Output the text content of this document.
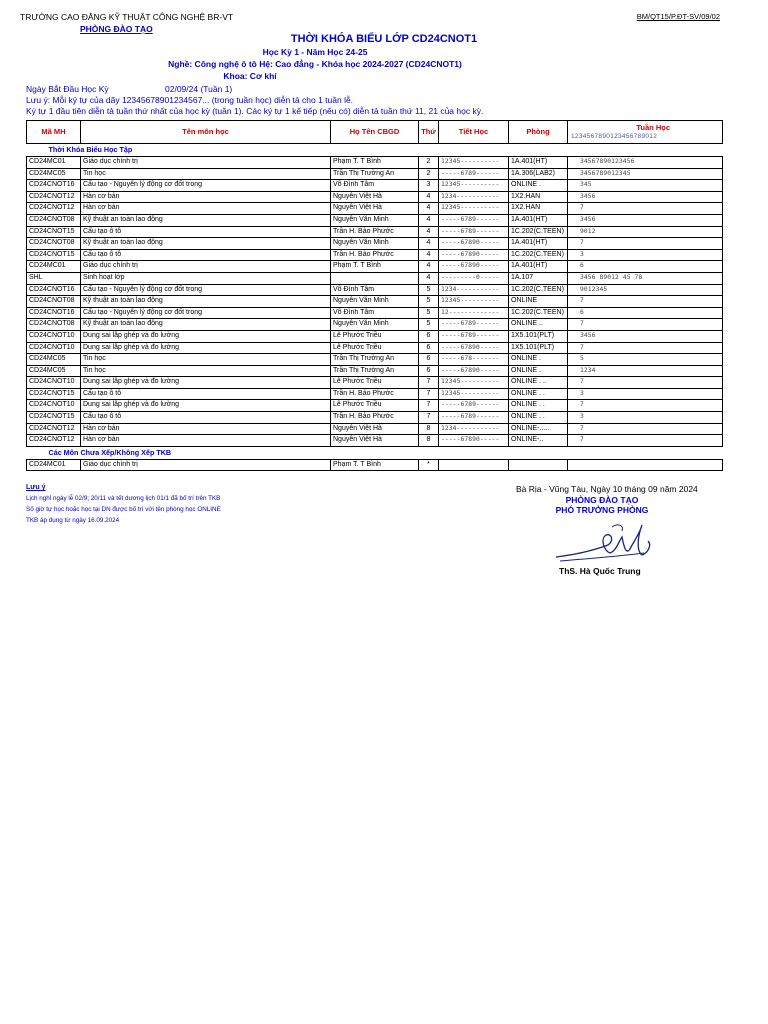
TRƯỜNG CAO ĐẲNG KỸ THUẬT CÔNG NGHỆ BR-VT
PHÒNG ĐÀO TẠO
BM/QT15/P.ĐT-SV/09/02
THỜI KHÓA BIỂU LỚP CD24CNOT1
Học Kỳ 1 - Năm Học 24-25
Nghề: Công nghệ ô tô Hệ: Cao đẳng - Khóa học 2024-2027 (CD24CNOT1)
Khoa: Cơ khí
Ngày Bắt Đầu Học Kỳ	02/09/24 (Tuần 1)
Lưu ý: Mỗi ký tự của dãy 12345678901234567... (trong tuần học) diễn tả cho 1 tuần lễ.
Ký tự 1 đầu tiên diễn tả tuần thứ nhất của học kỳ (tuần 1). Các ký tự 1 kế tiếp (nếu có) diễn tả tuần thứ 11, 21 của học kỳ.
Mã MH	Tên môn học	Họ Tên CBGD	Thứ	Tiết Học	Phòng	Tuần Học
1234567890123456789012

Thời Khóa Biểu Học Tập						
CD24MC01	Giáo dục chính trị	Phạm T. T Bình	2	12345----------	1A.401(HT)	34567890123456
CD24MC05	Tin học	Trần Thị Trường An	2	-----6789------	1A.306(LAB2)	3456789012345
CD24CNOT16	Cấu tạo - Nguyên lý động cơ đốt trong	Võ Đình Tâm	3	12345----------	ONLINE .	345
CD24CNOT12	Hàn cơ bản	Nguyễn Việt Hà	4	1234-----------	1X2.HAN	3456
CD24CNOT12	Hàn cơ bản	Nguyễn Việt Hà	4	12345----------	1X2.HAN	7
CD24CNOT08	Kỹ thuật an toàn lao động	Nguyễn Văn Minh	4	-----6789------	1A.401(HT)	3456
CD24CNOT15	Cấu tạo ô tô	Trần H. Bảo Phước	4	-----6789------	1C.202(C.TEEN)	9012
CD24CNOT08	Kỹ thuật an toàn lao động	Nguyễn Văn Minh	4	-----67890-----	1A.401(HT)	7
CD24CNOT15	Cấu tạo ô tô	Trần H. Bảo Phước	4	-----67890-----	1C.202(C.TEEN)	3
CD24MC01	Giáo dục chính trị	Phạm T. T Bình	4	-----67890-----	1A.401(HT)	6
SHL	Sinh hoạt lớp		4	---------0-----	1A.107	3456 89012 45 78
CD24CNOT16	Cấu tạo - Nguyên lý động cơ đốt trong	Võ Đình Tâm	5	1234-----------	1C.202(C.TEEN)	9012345
CD24CNOT08	Kỹ thuật an toàn lao động	Nguyễn Văn Minh	5	12345----------	ONLINE	7
CD24CNOT16	Cấu tạo - Nguyên lý động cơ đốt trong	Võ Đình Tâm	5	12-------------	1C.202(C.TEEN)	6
CD24CNOT08	Kỹ thuật an toàn lao động	Nguyễn Văn Minh	5	-----6789------	ONLINE ..	7
CD24CNOT10	Dung sai lắp ghép và đo lường	Lê Phước Triều	6	-----6789------	1X5.101(PLT)	3456
CD24CNOT10	Dung sai lắp ghép và đo lường	Lê Phước Triều	6	-----67890-----	1X5.101(PLT)	7
CD24MC05	Tin học	Trần Thị Trường An	6	-----678-------	ONLINE .	5
CD24MC05	Tin học	Trần Thị Trường An	6	-----67890-----	ONLINE .	1234
CD24CNOT10	Dung sai lắp ghép và đo lường	Lê Phước Triều	7	12345----------	ONLINE . ..	7
CD24CNOT15	Cấu tạo ô tô	Trần H. Bảo Phước	7	12345----------	ONLINE . .	3
CD24CNOT10	Dung sai lắp ghép và đo lường	Lê Phước Triều	7	-----6789------	ONLINE . .	7
CD24CNOT15	Cấu tạo ô tô	Trần H. Bảo Phước	7	-----6789------	ONLINE . .	3
CD24CNOT12	Hàn cơ bản	Nguyễn Việt Hà	8	1234-----------	ONLINE-.....	7
CD24CNOT12	Hàn cơ bản	Nguyễn Việt Hà	8	-----67890-----	ONLINE-..	7
Các Môn Chưa Xếp/Không Xếp TKB						
CD24MC01	Giáo dục chính trị	Phạm T. T Bình	*			
Lưu ý
Lịch nghỉ ngày lễ 02/9; 20/11 và tết dương lịch 01/1 đã bố trí trên TKB
Số giờ tự học hoặc học tại DN được bố trí với tên phòng học ONLINE
TKB áp dụng từ ngày 16.09.2024
Bà Rịa - Vũng Tàu, Ngày 10 tháng 09 năm 2024
PHÒNG ĐÀO TẠO
PHÓ TRƯỞNG PHÒNG
ThS. Hà Quốc Trung
